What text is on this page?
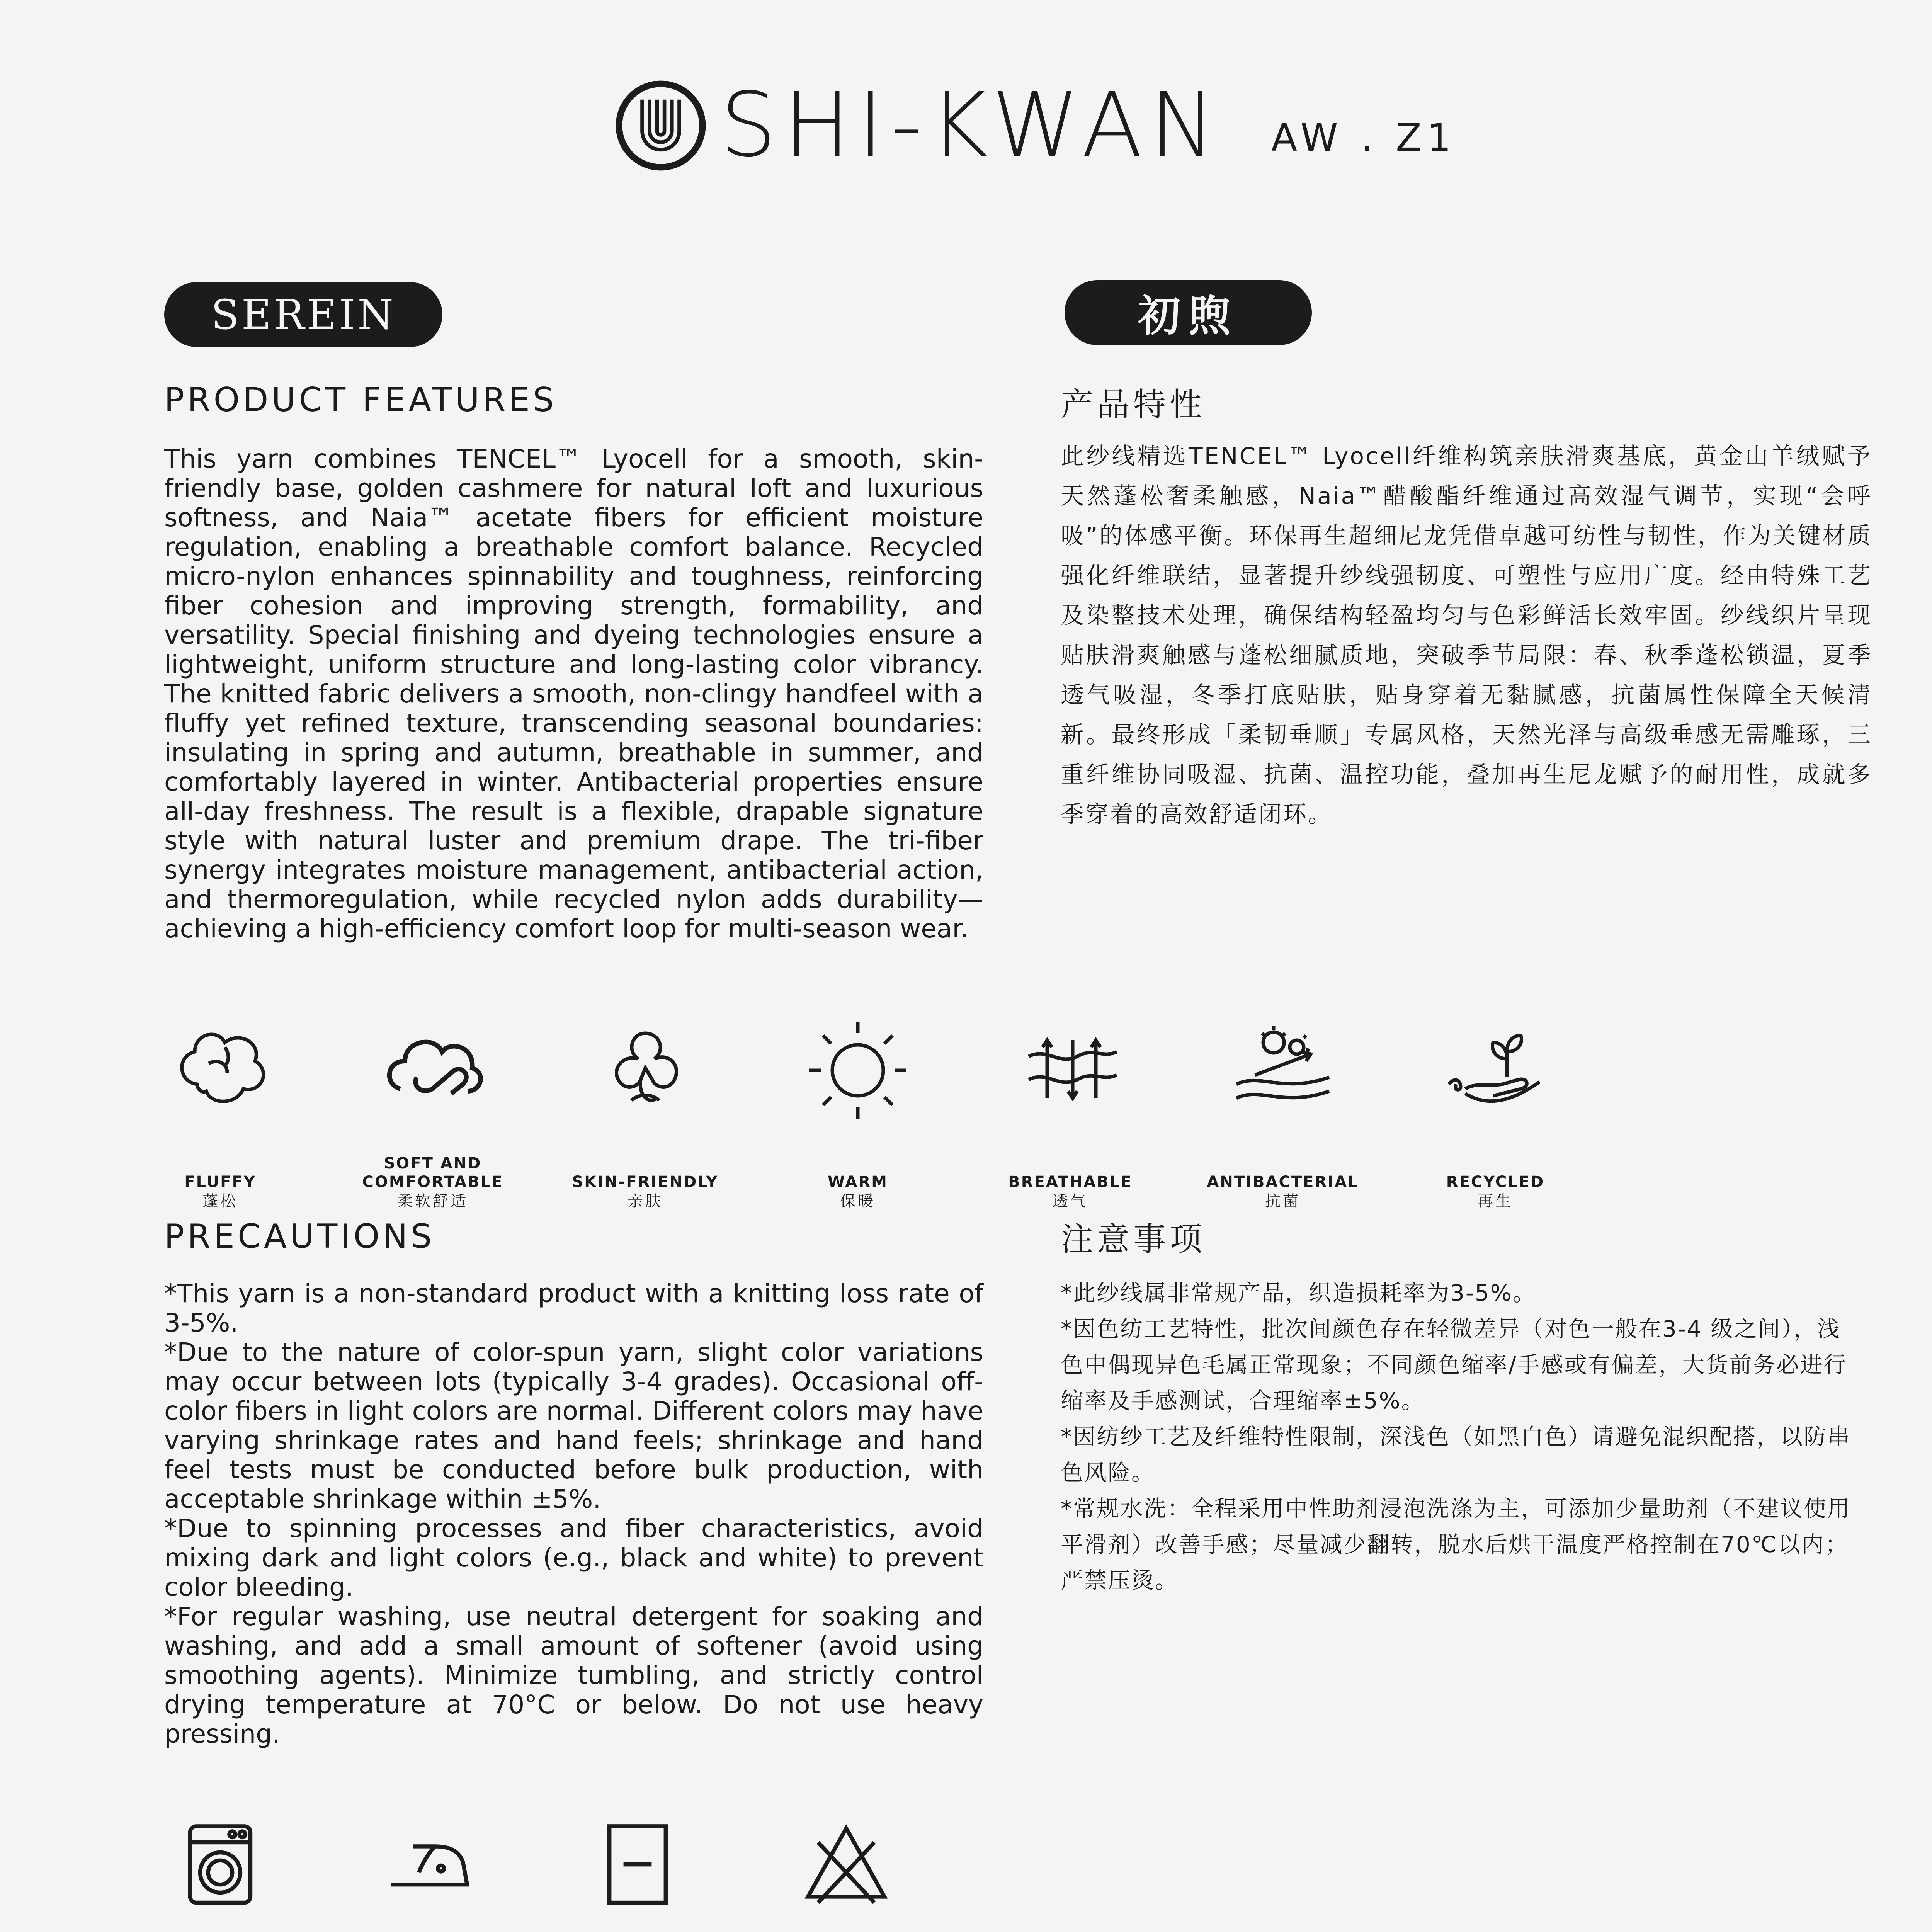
SHI-KWAN AW . Z1
SEREIN	初煦
PRODUCT FEATURES	产品特性
This yarn combines TENCEL™ Lyocell for a smooth, skin-friendly base, golden cashmere for natural loft and luxurious softness, and Naia™ acetate fibers for efficient moisture regulation, enabling a breathable comfort balance. Recycled micro-nylon enhances spinnability and toughness, reinforcing fiber cohesion and improving strength, formability, and versatility. Special finishing and dyeing technologies ensure a lightweight, uniform structure and long-lasting color vibrancy. The knitted fabric delivers a smooth, non-clingy handfeel with a fluffy yet refined texture, transcending seasonal boundaries: insulating in spring and autumn, breathable in summer, and comfortably layered in winter. Antibacterial properties ensure all-day freshness. The result is a flexible, drapable signature style with natural luster and premium drape. The tri-fiber synergy integrates moisture management, antibacterial action, and thermoregulation, while recycled nylon adds durability—achieving a high-efficiency comfort loop for multi-season wear.
此纱线精选TENCEL™ Lyocell纤维构筑亲肤滑爽基底，黄金山羊绒赋予天然蓬松奢柔触感，Naia™醋酸酯纤维通过高效湿气调节，实现“会呼吸”的体感平衡。环保再生超细尼龙凭借卓越可纺性与韧性，作为关键材质强化纤维联结，显著提升纱线强韧度、可塑性与应用广度。经由特殊工艺及染整技术处理，确保结构轻盈均匀与色彩鲜活长效牢固。纱线织片呈现贴肤滑爽触感与蓬松细腻质地，突破季节局限：春、秋季蓬松锁温，夏季透气吸湿，冬季打底贴肤，贴身穿着无黏腻感，抗菌属性保障全天候清新。最终形成「柔韧垂顺」专属风格，天然光泽与高级垂感无需雕琢，三重纤维协同吸湿、抗菌、温控功能，叠加再生尼龙赋予的耐用性，成就多季穿着的高效舒适闭环。
FLUFFY
蓬松
SOFT AND COMFORTABLE
柔软舒适
SKIN-FRIENDLY
亲肤
WARM
保暖
BREATHABLE
透气
ANTIBACTERIAL
抗菌
RECYCLED
再生
PRECAUTIONS	注意事项
*This yarn is a non-standard product with a knitting loss rate of 3-5%.
*Due to the nature of color-spun yarn, slight color variations may occur between lots (typically 3-4 grades). Occasional off-color fibers in light colors are normal. Different colors may have varying shrinkage rates and hand feels; shrinkage and hand feel tests must be conducted before bulk production, with acceptable shrinkage within ±5%.
*Due to spinning processes and fiber characteristics, avoid mixing dark and light colors (e.g., black and white) to prevent color bleeding.
*For regular washing, use neutral detergent for soaking and washing, and add a small amount of softener (avoid using smoothing agents). Minimize tumbling, and strictly control drying temperature at 70°C or below. Do not use heavy pressing.
*此纱线属非常规产品，织造损耗率为3-5%。
*因色纺工艺特性，批次间颜色存在轻微差异（对色一般在3-4 级之间），浅色中偶现异色毛属正常现象；不同颜色缩率/手感或有偏差，大货前务必进行缩率及手感测试，合理缩率±5%。
*因纺纱工艺及纤维特性限制，深浅色（如黑白色）请避免混织配搭，以防串色风险。
*常规水洗：全程采用中性助剂浸泡洗涤为主，可添加少量助剂（不建议使用平滑剂）改善手感；尽量减少翻转，脱水后烘干温度严格控制在70℃以内；严禁压烫。
